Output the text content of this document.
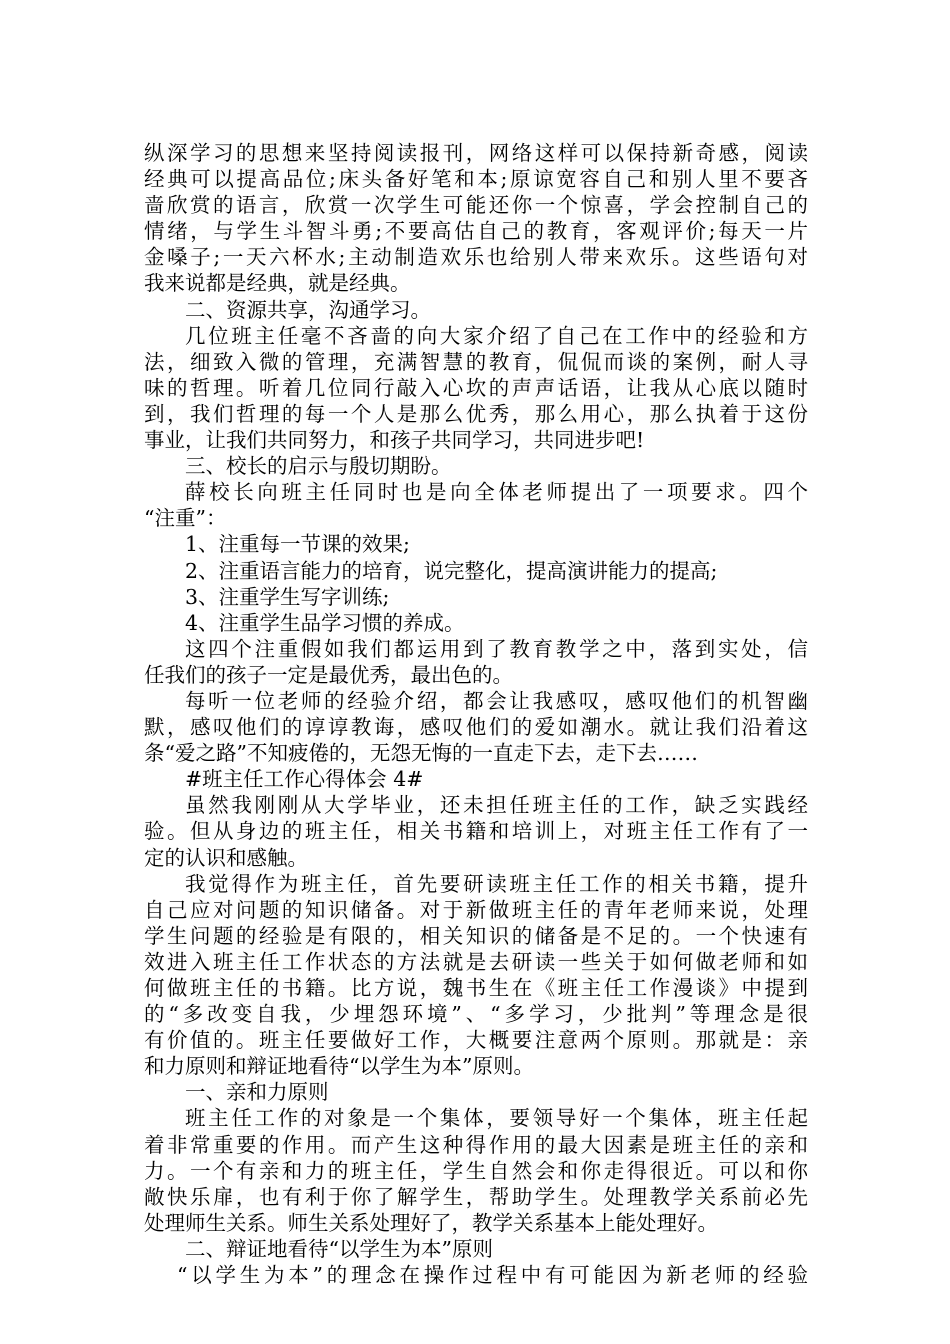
纵深学习的思想来坚持阅读报刊，网络这样可以保持新奇感，阅读
经典可以提高品位;床头备好笔和本;原谅宽容自己和别人里不要吝
啬欣赏的语言，欣赏一次学生可能还你一个惊喜，学会控制自己的
情绪，与学生斗智斗勇;不要高估自己的教育，客观评价;每天一片
金嗓子;一天六杯水;主动制造欢乐也给别人带来欢乐。这些语句对
我来说都是经典，就是经典。
二、资源共享，沟通学习。
几位班主任毫不吝啬的向大家介绍了自己在工作中的经验和方
法，细致入微的管理，充满智慧的教育，侃侃而谈的案例，耐人寻
味的哲理。听着几位同行敲入心坎的声声话语，让我从心底以随时
到，我们哲理的每一个人是那么优秀，那么用心，那么执着于这份
事业，让我们共同努力，和孩子共同学习，共同进步吧!
三、校长的启示与殷切期盼。
薛校长向班主任同时也是向全体老师提出了一项要求。四个
“注重”：
1、注重每一节课的效果;
2、注重语言能力的培育，说完整化，提高演讲能力的提高;
3、注重学生写字训练;
4、注重学生品学习惯的养成。
这四个注重假如我们都运用到了教育教学之中，落到实处，信
任我们的孩子一定是最优秀，最出色的。
每听一位老师的经验介绍，都会让我感叹，感叹他们的机智幽
默，感叹他们的谆谆教诲，感叹他们的爱如潮水。就让我们沿着这
条“爱之路”不知疲倦的，无怨无悔的一直走下去，走下去……
#班主任工作心得体会 4#
虽然我刚刚从大学毕业，还未担任班主任的工作，缺乏实践经
验。但从身边的班主任，相关书籍和培训上，对班主任工作有了一
定的认识和感触。
我觉得作为班主任，首先要研读班主任工作的相关书籍，提升
自己应对问题的知识储备。对于新做班主任的青年老师来说，处理
学生问题的经验是有限的，相关知识的储备是不足的。一个快速有
效进入班主任工作状态的方法就是去研读一些关于如何做老师和如
何做班主任的书籍。比方说，魏书生在《班主任工作漫谈》中提到
的“多改变自我，少埋怨环境”、“多学习，少批判”等理念是很
有价值的。班主任要做好工作，大概要注意两个原则。那就是：亲
和力原则和辩证地看待“以学生为本”原则。
一、亲和力原则
班主任工作的对象是一个集体，要领导好一个集体，班主任起
着非常重要的作用。而产生这种得作用的最大因素是班主任的亲和
力。一个有亲和力的班主任，学生自然会和你走得很近。可以和你
敞快乐扉，也有利于你了解学生，帮助学生。处理教学关系前必先
处理师生关系。师生关系处理好了，教学关系基本上能处理好。
二、辩证地看待“以学生为本”原则
“以学生为本”的理念在操作过程中有可能因为新老师的经验
